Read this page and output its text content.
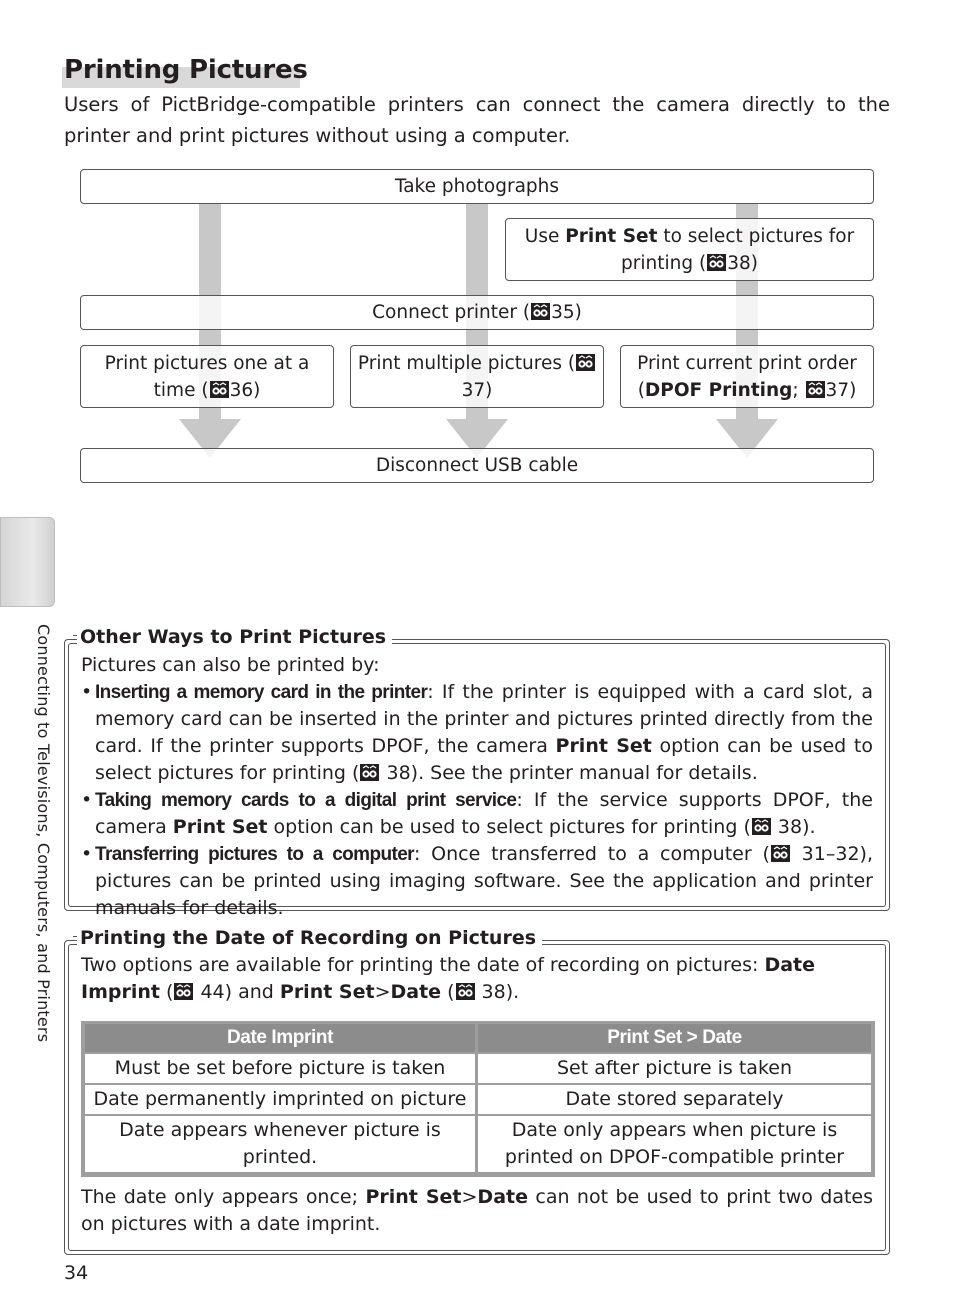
Printing Pictures
Users of PictBridge-compatible printers can connect the camera directly to the printer and print pictures without using a computer.
Take photographs
Use Print Set to select pictures for printing ( 38)
Connect printer ( 35)
Print pictures one at a time ( 36)
Print multiple pictures (37)
Print current print order (DPOF Printing; 37)
Disconnect USB cable
Connecting to Televisions, Computers, and Printers Other Ways to Print Pictures

Pictures can also be printed by:

• Inserting a memory card in the printer: If the printer is equipped with a card slot, a memory card can be inserted in the printer and pictures printed directly from the card. If the printer supports DPOF, the camera Print Set option can be used to select pictures for printing ( 38). See the printer manual for details.

• Taking memory cards to a digital print service: If the service supports DPOF, the camera Print Set option can be used to select pictures for printing ( 38).

• Transferring pictures to a computer: Once transferred to a computer ( 31–32), pictures can be printed using imaging software. See the application and printer manuals for details.

Printing the Date of Recording on Pictures

Two options are available for printing the date of recording on pictures: Date Imprint ( 44) and Print Set>Date ( 38).

Date Imprint	Print Set > Date
Must be set before picture is taken	Set after picture is taken
Date permanently imprinted on picture	Date stored separately
Date appears whenever picture is printed.	Date only appears when picture is printed on DPOF-compatible printer

The date only appears once; Print Set>Date can not be used to print two dates on pictures with a date imprint.

34
